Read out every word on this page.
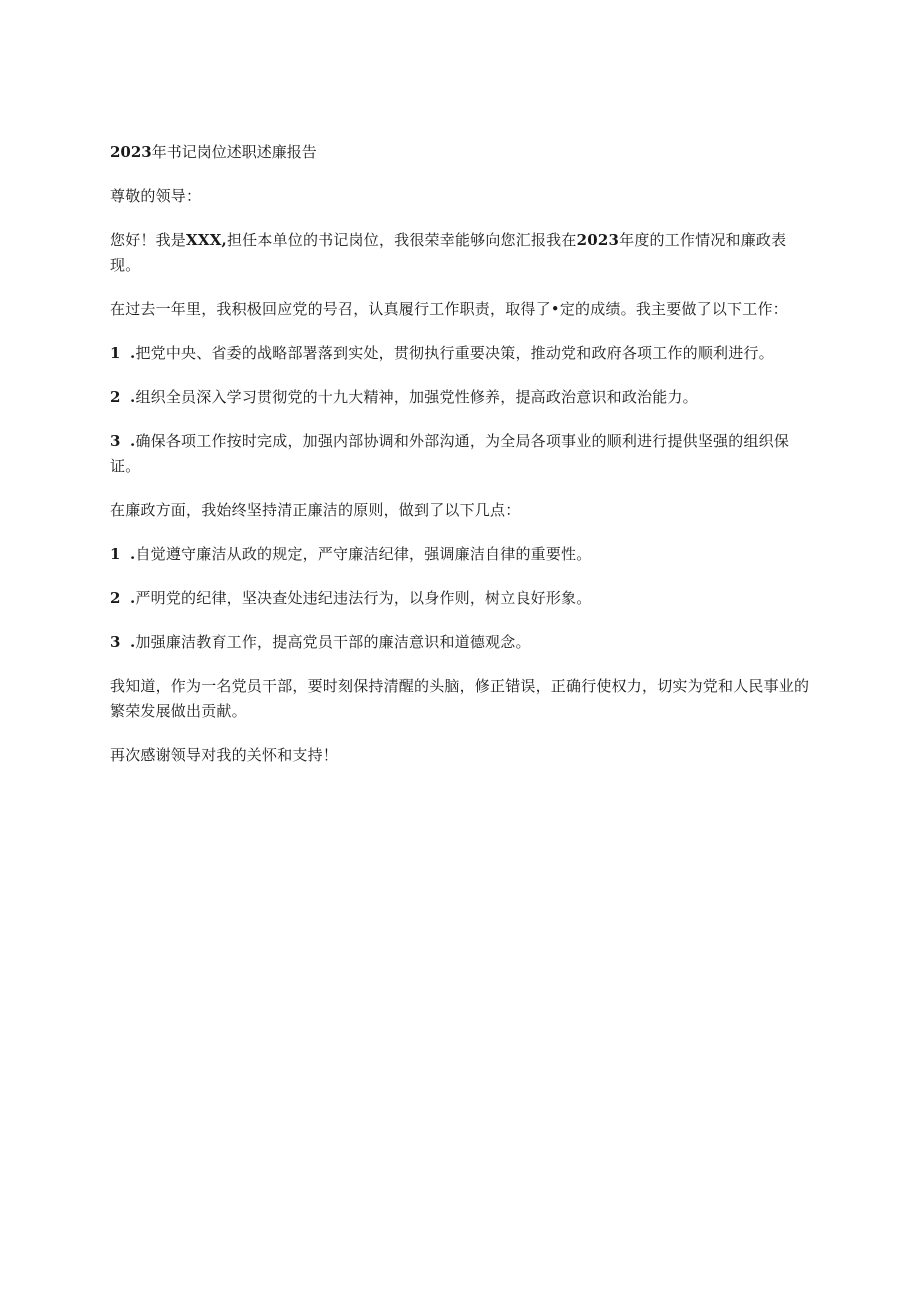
2023年书记岗位述职述廉报告

尊敬的领导：

您好！我是XXX,担任本单位的书记岗位，我很荣幸能够向您汇报我在2023年度的工作情况和廉政表现。

在过去一年里，我积极回应党的号召，认真履行工作职责，取得了•定的成绩。我主要做了以下工作：

1 .把党中央、省委的战略部署落到实处，贯彻执行重要决策，推动党和政府各项工作的顺利进行。

2 .组织全员深入学习贯彻党的十九大精神，加强党性修养，提高政治意识和政治能力。

3 .确保各项工作按时完成，加强内部协调和外部沟通，为全局各项事业的顺利进行提供坚强的组织保证。

在廉政方面，我始终坚持清正廉洁的原则，做到了以下几点：

1 .自觉遵守廉洁从政的规定，严守廉洁纪律，强调廉洁自律的重要性。

2 .严明党的纪律，坚决查处违纪违法行为，以身作则，树立良好形象。

3 .加强廉洁教育工作，提高党员干部的廉洁意识和道德观念。

我知道，作为一名党员干部，要时刻保持清醒的头脑，修正错误，正确行使权力，切实为党和人民事业的繁荣发展做出贡献。

再次感谢领导对我的关怀和支持！
